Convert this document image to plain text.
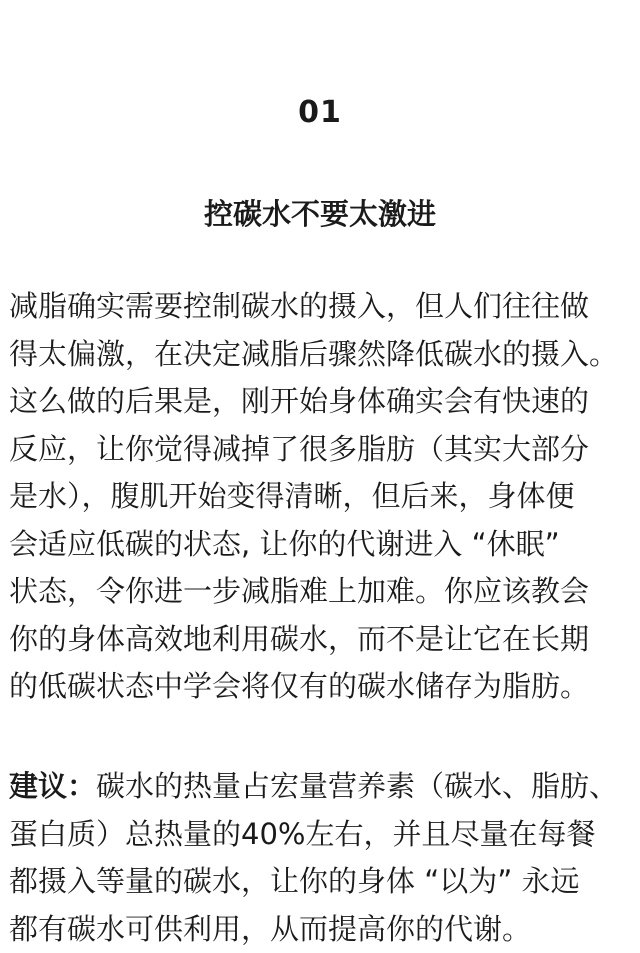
01
控碳水不要太激进
减脂确实需要控制碳水的摄入，但人们往往做
得太偏激，在决定减脂后骤然降低碳水的摄入。
这么做的后果是，刚开始身体确实会有快速的
反应，让你觉得减掉了很多脂肪（其实大部分
是水），腹肌开始变得清晰，但后来，身体便
会适应低碳的状态, 让你的代谢进入 “休眠”
状态，令你进一步减脂难上加难。你应该教会
你的身体高效地利用碳水，而不是让它在长期
的低碳状态中学会将仅有的碳水储存为脂肪。
建议：碳水的热量占宏量营养素（碳水、脂肪、
蛋白质）总热量的40%左右，并且尽量在每餐
都摄入等量的碳水，让你的身体 “以为” 永远
都有碳水可供利用，从而提高你的代谢。
